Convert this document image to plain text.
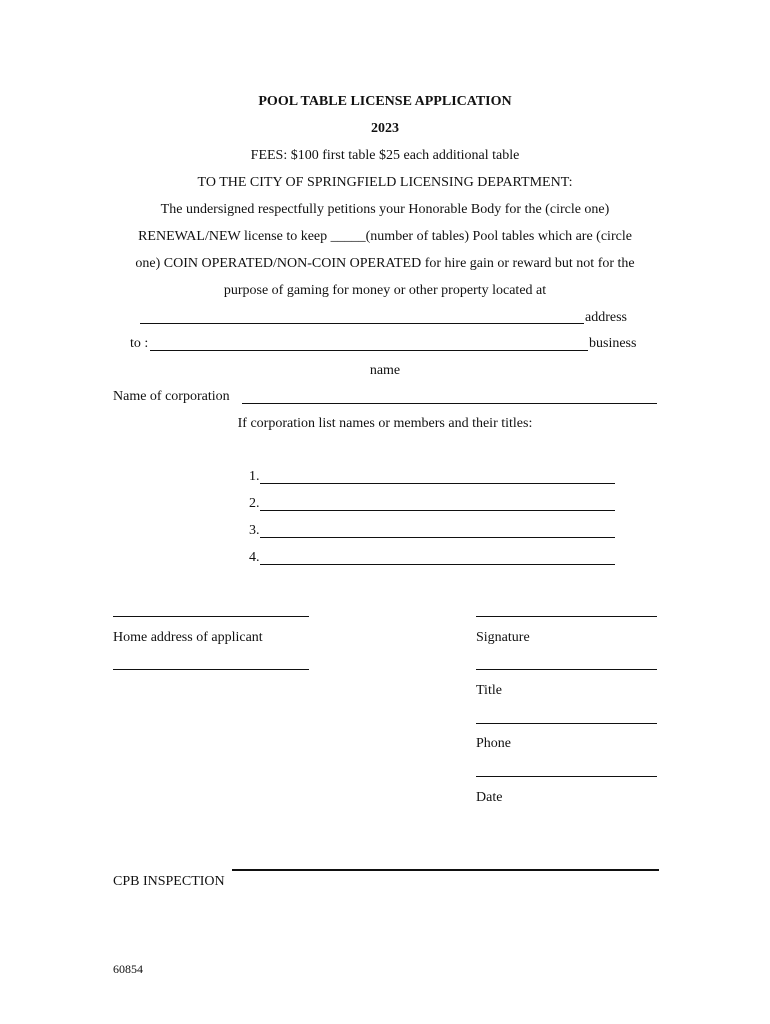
POOL TABLE LICENSE APPLICATION
2023
FEES: $100 first table $25 each additional table
TO THE CITY OF SPRINGFIELD LICENSING DEPARTMENT:
The undersigned respectfully petitions your Honorable Body for the (circle one)
RENEWAL/NEW license to keep _____(number of tables) Pool tables which are (circle
one) COIN OPERATED/NON-COIN OPERATED for hire gain or reward but not for the
purpose of gaming for money or other property located at
address
to :	business
name
Name of corporation
If corporation list names or members and their titles:
1.
2.
3.
4.
Home address of applicant	Signature
Title
Phone
Date
CPB INSPECTION
60854
